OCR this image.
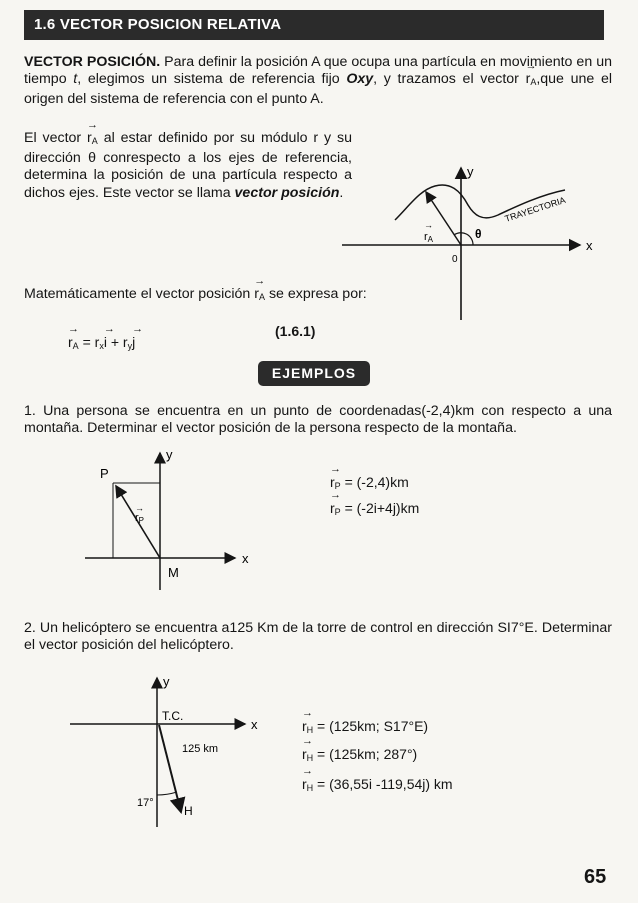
1.6 VECTOR POSICION RELATIVA
VECTOR POSICIÓN. Para definir la posición A que ocupa una partícula en movimiento en un tiempo t, elegimos un sistema de referencia fijo Oxy, y trazamos el vector → $r_A,que$ une el origen del sistema de referencia con el punto A.
El vector → $r_A$ al estar definido por su módulo r y su dirección θ conrespecto a los ejes de referencia, determina la posición de una partícula respecto a dichos ejes. Este vector se llama vector posición.
y
x
0
θ
rA
→
TRAYECTORIA
Matemáticamente el vector posición → $r_A$ se expresa por:
→ $r_A = r_x\to i + r_y\to j$
(1.6.1)
EJEMPLOS
1. Una persona se encuentra en un punto de coordenadas(-2,4)km con respecto a una montaña. Determinar el vector posición de la persona respecto de la montaña.
P
M
x
y
→
rP
→ $r_P = (-2,4)km$
→ $r_P = (-2i+4j)km$
2. Un helicóptero se encuentra a125 Km de la torre de control en dirección SI7°E. Determinar el vector posición del helicóptero.
T.C.
125 km
17°
H
x
y
→ $r_H = (125km$; S17°E)
→ $r_H = (125km$; 287°)
→ $r_H = (36,55i$ -119,54j) km
65
